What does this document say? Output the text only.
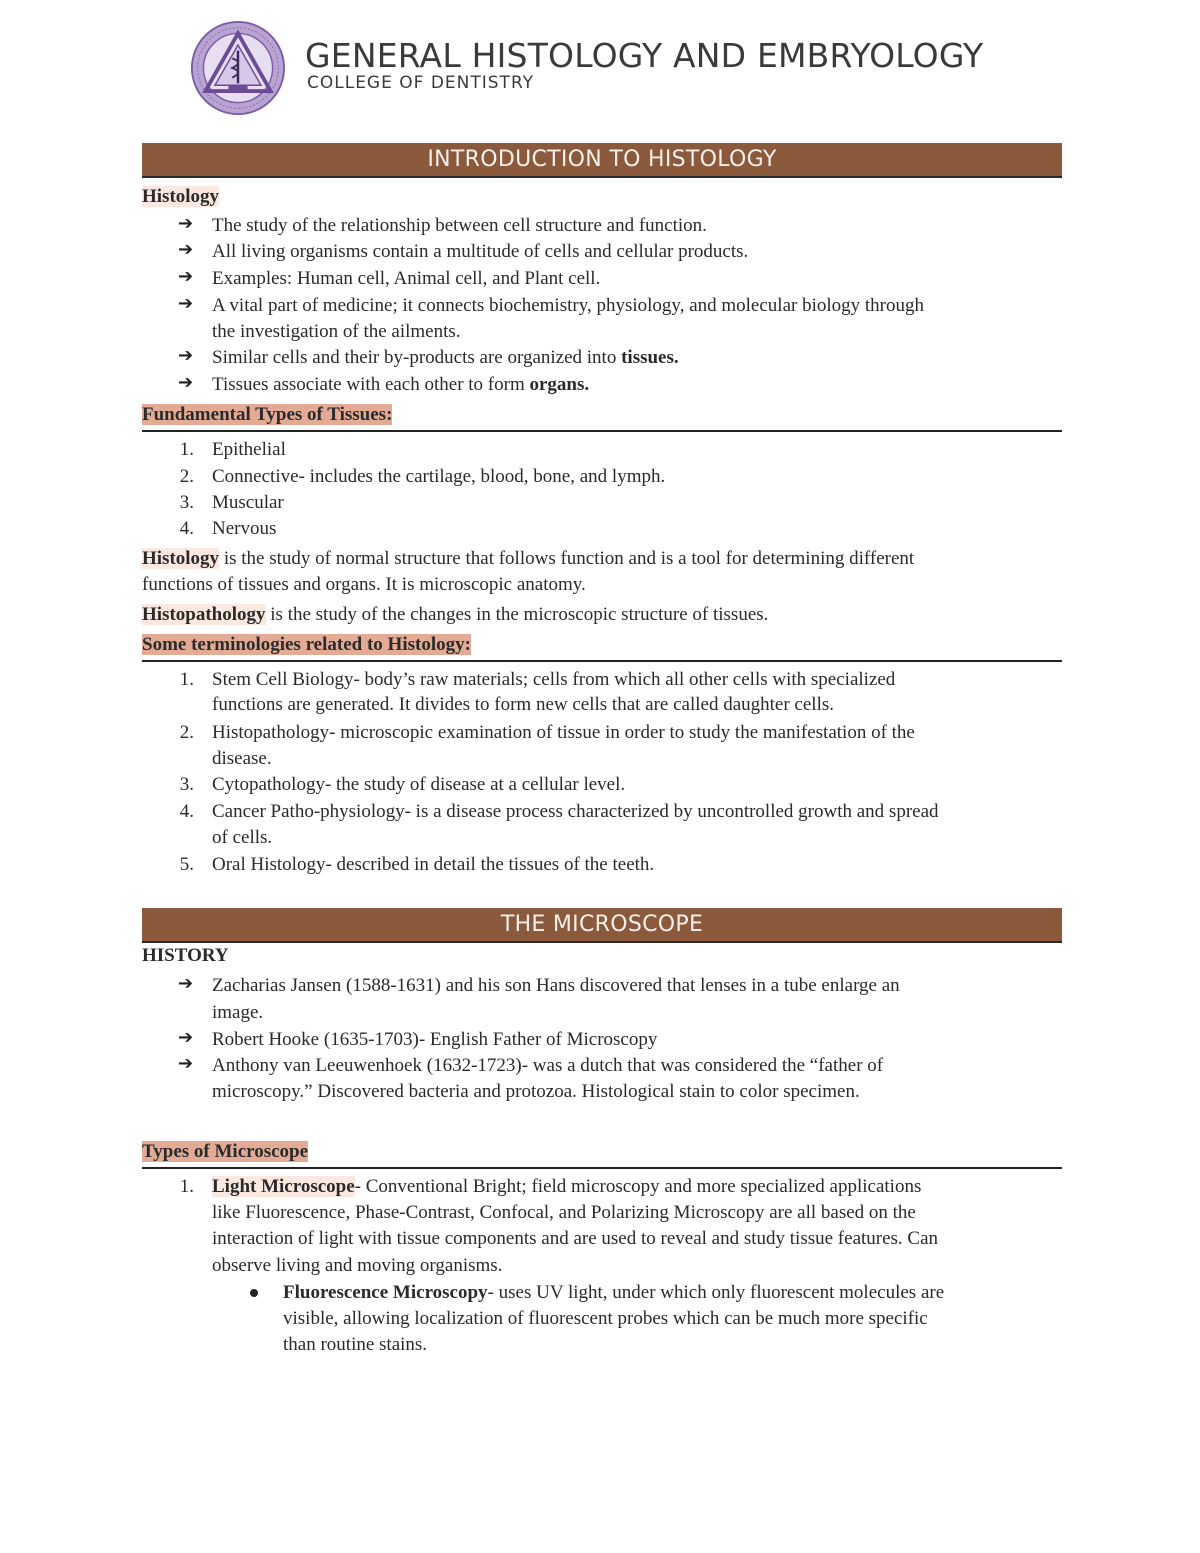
GENERAL HISTOLOGY AND EMBRYOLOGY
COLLEGE OF DENTISTRY
INTRODUCTION TO HISTOLOGY
Histology
➔ The study of the relationship between cell structure and function.
➔ All living organisms contain a multitude of cells and cellular products.
➔ Examples: Human cell, Animal cell, and Plant cell.
➔ A vital part of medicine; it connects biochemistry, physiology, and molecular biology through
the investigation of the ailments.
➔ Similar cells and their by-products are organized into tissues.
➔ Tissues associate with each other to form organs.
Fundamental Types of Tissues:
1. Epithelial
2. Connective- includes the cartilage, blood, bone, and lymph.
3. Muscular
4. Nervous
Histology is the study of normal structure that follows function and is a tool for determining different
functions of tissues and organs. It is microscopic anatomy.
Histopathology is the study of the changes in the microscopic structure of tissues.
Some terminologies related to Histology:
1. Stem Cell Biology- body’s raw materials; cells from which all other cells with specialized
functions are generated. It divides to form new cells that are called daughter cells.
2. Histopathology- microscopic examination of tissue in order to study the manifestation of the
disease.
3. Cytopathology- the study of disease at a cellular level.
4. Cancer Patho-physiology- is a disease process characterized by uncontrolled growth and spread
of cells.
5. Oral Histology- described in detail the tissues of the teeth.
THE MICROSCOPE
HISTORY
➔ Zacharias Jansen (1588-1631) and his son Hans discovered that lenses in a tube enlarge an
image.
➔ Robert Hooke (1635-1703)- English Father of Microscopy
➔ Anthony van Leeuwenhoek (1632-1723)- was a dutch that was considered the “father of
microscopy.” Discovered bacteria and protozoa. Histological stain to color specimen.
Types of Microscope
1. Light Microscope- Conventional Bright; field microscopy and more specialized applications
like Fluorescence, Phase-Contrast, Confocal, and Polarizing Microscopy are all based on the
interaction of light with tissue components and are used to reveal and study tissue features. Can
observe living and moving organisms.
Fluorescence Microscopy- uses UV light, under which only fluorescent molecules are
visible, allowing localization of fluorescent probes which can be much more specific
than routine stains.
